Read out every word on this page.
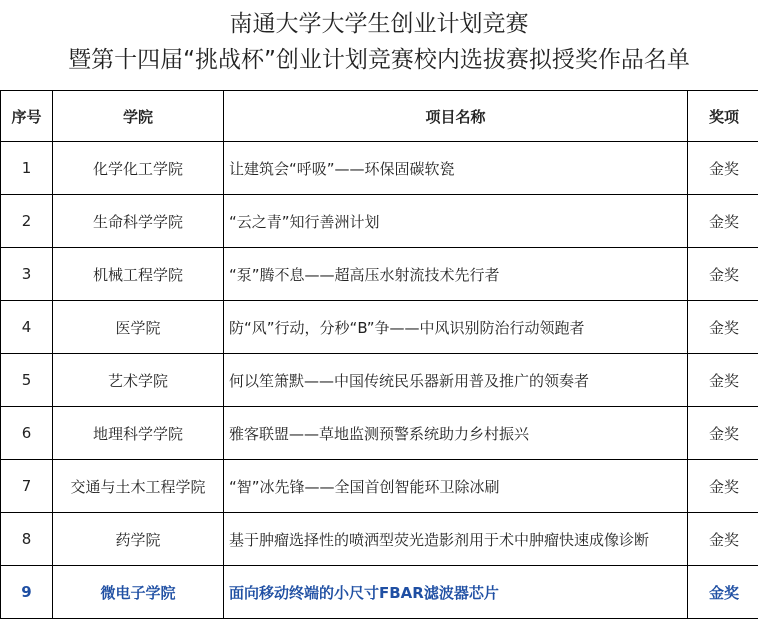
南通大学大学生创业计划竞赛
暨第十四届“挑战杯”创业计划竞赛校内选拔赛拟授奖作品名单
序号	学院	项目名称	奖项
1	化学化工学院	让建筑会“呼吸”——环保固碳软瓷	金奖
2	生命科学学院	“云之青”知行善洲计划	金奖
3	机械工程学院	“泵”腾不息——超高压水射流技术先行者	金奖
4	医学院	防“风”行动，分秒“B”争——中风识别防治行动领跑者	金奖
5	艺术学院	何以笙箫默——中国传统民乐器新用普及推广的领奏者	金奖
6	地理科学学院	雅客联盟——草地监测预警系统助力乡村振兴	金奖
7	交通与土木工程学院	“智”冰先锋——全国首创智能环卫除冰刷	金奖
8	药学院	基于肿瘤选择性的喷洒型荧光造影剂用于术中肿瘤快速成像诊断	金奖
9	微电子学院	面向移动终端的小尺寸FBAR滤波器芯片	金奖
